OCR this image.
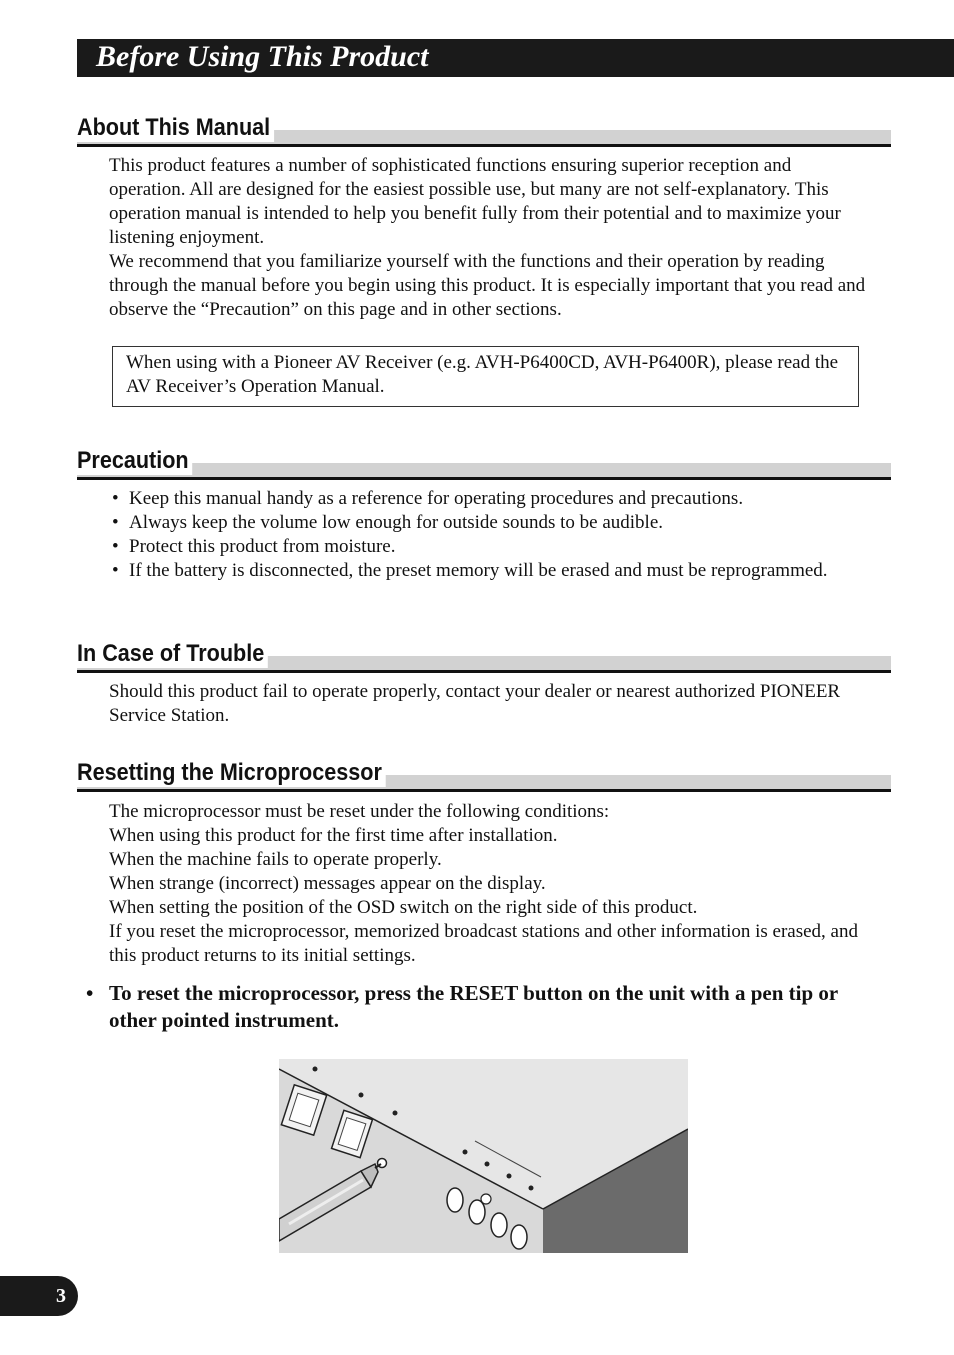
Before Using This Product
About This Manual

This product features a number of sophisticated functions ensuring superior reception and operation. All are designed for the easiest possible use, but many are not self-explanatory. This operation manual is intended to help you benefit fully from their potential and to maximize your listening enjoyment.

We recommend that you familiarize yourself with the functions and their operation by reading through the manual before you begin using this product. It is especially important that you read and observe the “Precaution” on this page and in other sections.

When using with a Pioneer AV Receiver (e.g. AVH-P6400CD, AVH-P6400R), please read the AV Receiver’s Operation Manual.
Precaution
• Keep this manual handy as a reference for operating procedures and precautions.
• Always keep the volume low enough for outside sounds to be audible.
• Protect this product from moisture.
• If the battery is disconnected, the preset memory will be erased and must be reprogrammed.
In Case of Trouble

Should this product fail to operate properly, contact your dealer or nearest authorized PIONEER Service Station.

Resetting the Microprocessor

The microprocessor must be reset under the following conditions:

When using this product for the first time after installation.

When the machine fails to operate properly.

When strange (incorrect) messages appear on the display.

When setting the position of the OSD switch on the right side of this product.

If you reset the microprocessor, memorized broadcast stations and other information is erased, and this product returns to its initial settings.

• To reset the microprocessor, press the RESET button on the unit with a pen tip or other pointed instrument.
3
